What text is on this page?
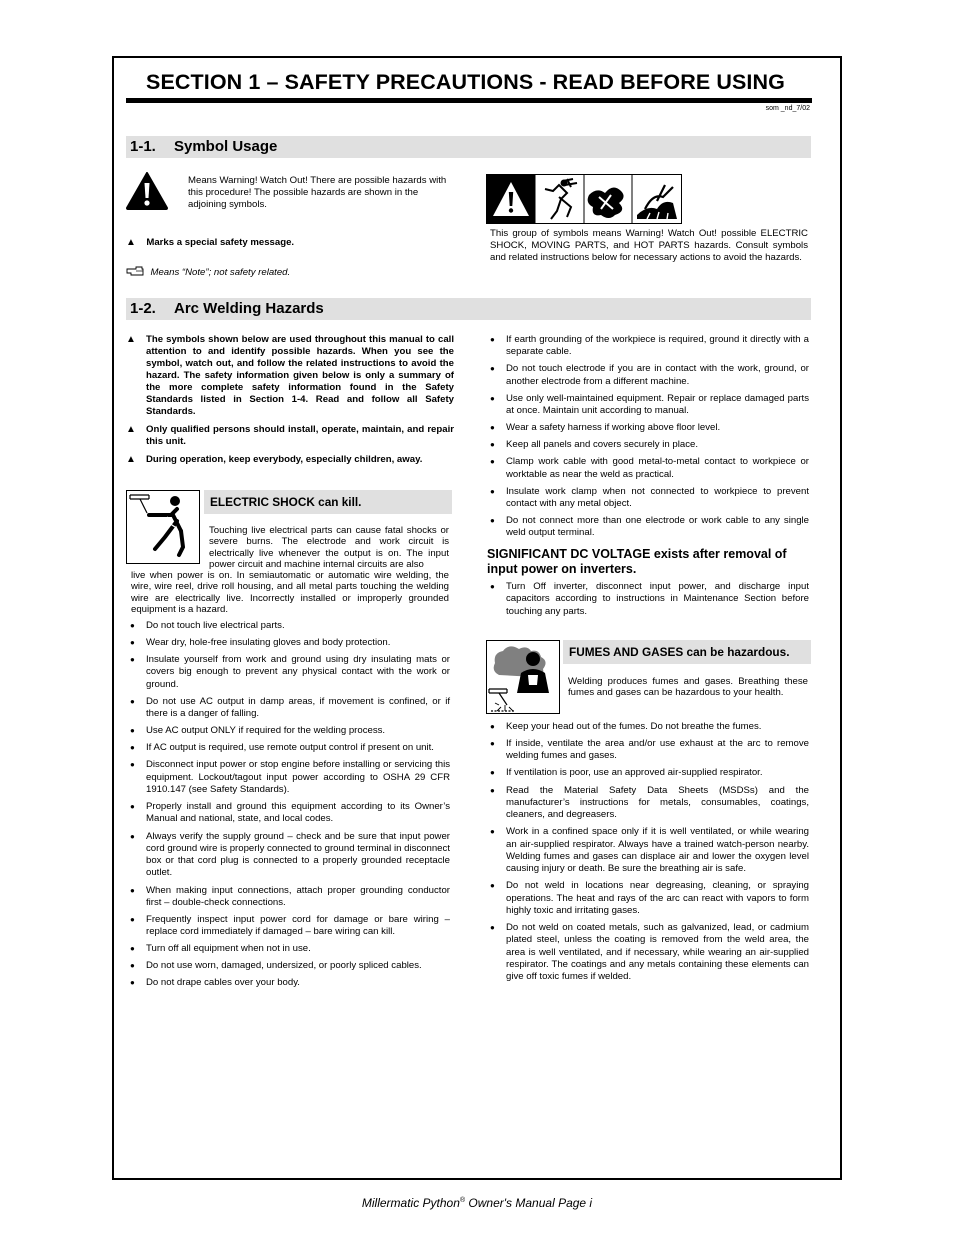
SECTION 1 – SAFETY PRECAUTIONS - READ BEFORE USING
som _nd_7/02
1-1. Symbol Usage
Means Warning! Watch Out! There are possible hazards with this procedure! The possible hazards are shown in the adjoining symbols.
▲ Marks a special safety message.
Means “Note”; not safety related.
This group of symbols means Warning! Watch Out! possible ELECTRIC SHOCK, MOVING PARTS, and HOT PARTS hazards. Consult symbols and related instructions below for necessary actions to avoid the hazards.
1-2. Arc Welding Hazards
▲ The symbols shown below are used throughout this manual to call attention to and identify possible hazards. When you see the symbol, watch out, and follow the related instructions to avoid the hazard. The safety information given below is only a summary of the more complete safety information found in the Safety Standards listed in Section 1-4. Read and follow all Safety Standards.
▲ Only qualified persons should install, operate, maintain, and repair this unit.
▲ During operation, keep everybody, especially children, away.
ELECTRIC SHOCK can kill.
Touching live electrical parts can cause fatal shocks or severe burns. The electrode and work circuit is electrically live whenever the output is on. The input power circuit and machine internal circuits are also
live when power is on. In semiautomatic or automatic wire welding, the wire, wire reel, drive roll housing, and all metal parts touching the welding wire are electrically live. Incorrectly installed or improperly grounded equipment is a hazard.
● Do not touch live electrical parts.
● Wear dry, hole-free insulating gloves and body protection.
● Insulate yourself from work and ground using dry insulating mats or covers big enough to prevent any physical contact with the work or ground.
● Do not use AC output in damp areas, if movement is confined, or if there is a danger of falling.
● Use AC output ONLY if required for the welding process.
● If AC output is required, use remote output control if present on unit.
● Disconnect input power or stop engine before installing or servicing this equipment. Lockout/tagout input power according to OSHA 29 CFR 1910.147 (see Safety Standards).
● Properly install and ground this equipment according to its Owner’s Manual and national, state, and local codes.
● Always verify the supply ground – check and be sure that input power cord ground wire is properly connected to ground terminal in disconnect box or that cord plug is connected to a properly grounded receptacle outlet.
● When making input connections, attach proper grounding conductor first – double-check connections.
● Frequently inspect input power cord for damage or bare wiring – replace cord immediately if damaged – bare wiring can kill.
● Turn off all equipment when not in use.
● Do not use worn, damaged, undersized, or poorly spliced cables.
● Do not drape cables over your body.
● If earth grounding of the workpiece is required, ground it directly with a separate cable.
● Do not touch electrode if you are in contact with the work, ground, or another electrode from a different machine.
● Use only well-maintained equipment. Repair or replace damaged parts at once. Maintain unit according to manual.
● Wear a safety harness if working above floor level.
● Keep all panels and covers securely in place.
● Clamp work cable with good metal-to-metal contact to workpiece or worktable as near the weld as practical.
● Insulate work clamp when not connected to workpiece to prevent contact with any metal object.
● Do not connect more than one electrode or work cable to any single weld output terminal.
SIGNIFICANT DC VOLTAGE exists after removal of input power on inverters.
● Turn Off inverter, disconnect input power, and discharge input capacitors according to instructions in Maintenance Section before touching any parts.
FUMES AND GASES can be hazardous.
Welding produces fumes and gases. Breathing these fumes and gases can be hazardous to your health.
● Keep your head out of the fumes. Do not breathe the fumes.
● If inside, ventilate the area and/or use exhaust at the arc to remove welding fumes and gases.
● If ventilation is poor, use an approved air-supplied respirator.
● Read the Material Safety Data Sheets (MSDSs) and the manufacturer’s instructions for metals, consumables, coatings, cleaners, and degreasers.
● Work in a confined space only if it is well ventilated, or while wearing an air-supplied respirator. Always have a trained watch-person nearby. Welding fumes and gases can displace air and lower the oxygen level causing injury or death. Be sure the breathing air is safe.
● Do not weld in locations near degreasing, cleaning, or spraying operations. The heat and rays of the arc can react with vapors to form highly toxic and irritating gases.
● Do not weld on coated metals, such as galvanized, lead, or cadmium plated steel, unless the coating is removed from the weld area, the area is well ventilated, and if necessary, while wearing an air-supplied respirator. The coatings and any metals containing these elements can give off toxic fumes if welded.
Millermatic Python® Owner's Manual Page i
